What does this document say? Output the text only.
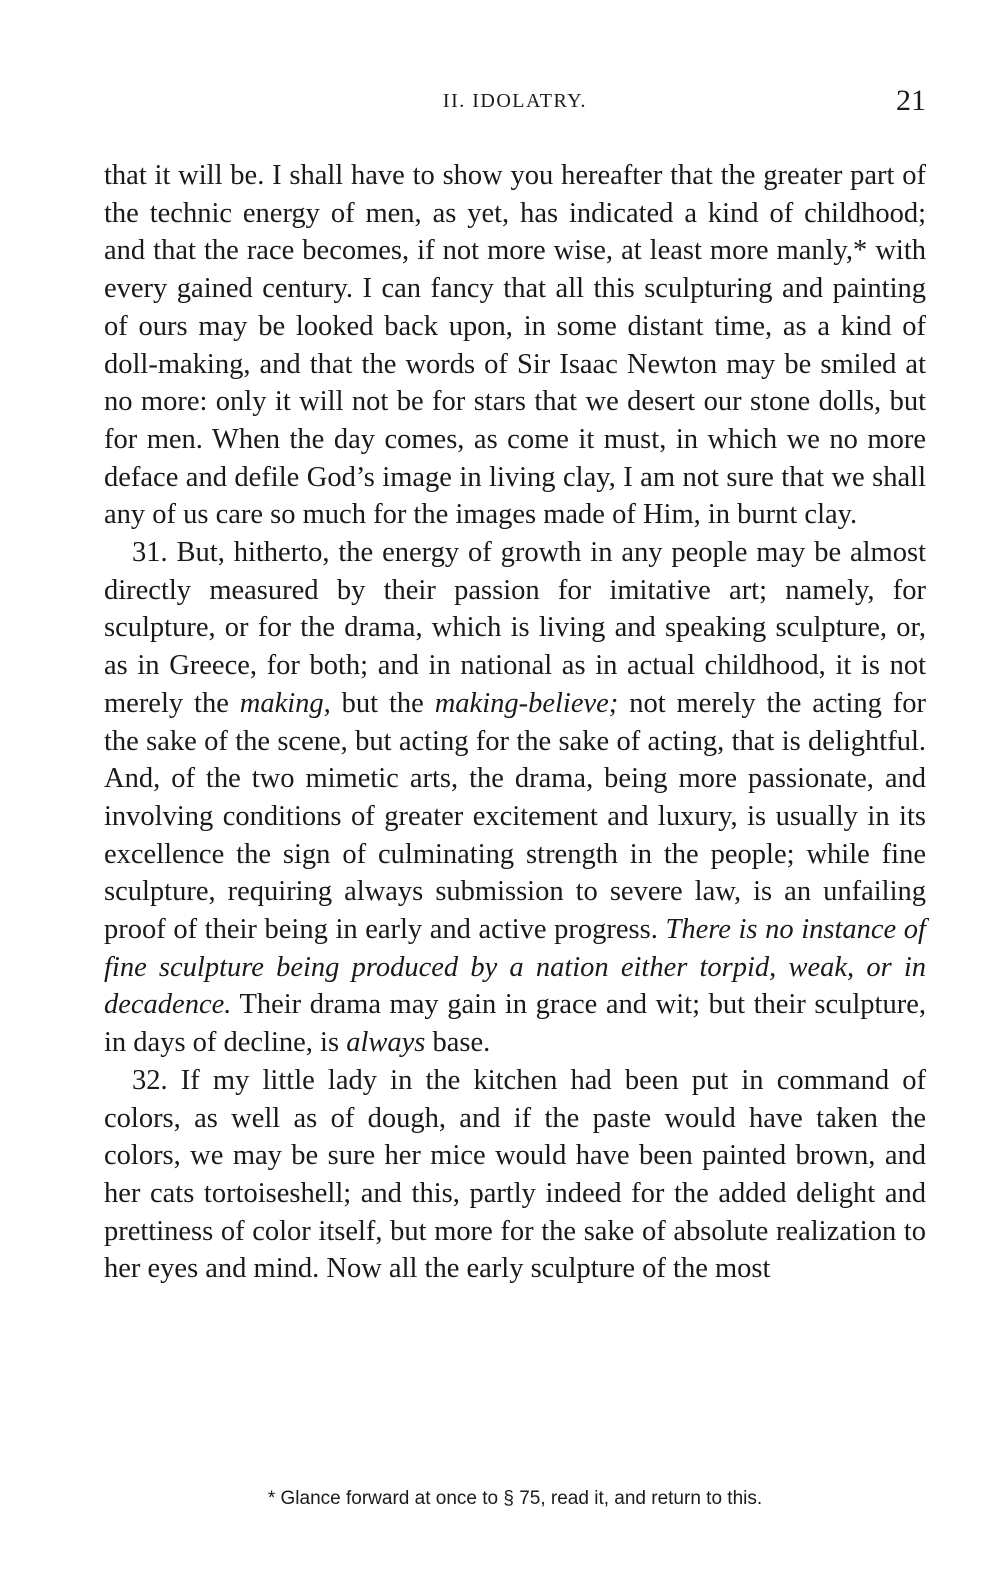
II. IDOLATRY.	21

that it will be. I shall have to show you hereafter that the greater part of the technic energy of men, as yet, has indicated a kind of childhood; and that the race becomes, if not more wise, at least more manly,* with every gained century. I can fancy that all this sculpturing and painting of ours may be looked back upon, in some distant time, as a kind of doll-making, and that the words of Sir Isaac Newton may be smiled at no more: only it will not be for stars that we desert our stone dolls, but for men. When the day comes, as come it must, in which we no more deface and defile God’s image in living clay, I am not sure that we shall any of us care so much for the images made of Him, in burnt clay.

31. But, hitherto, the energy of growth in any people may be almost directly measured by their passion for imitative art; namely, for sculpture, or for the drama, which is living and speaking sculpture, or, as in Greece, for both; and in national as in actual childhood, it is not merely the making, but the making-believe; not merely the acting for the sake of the scene, but acting for the sake of acting, that is delightful. And, of the two mimetic arts, the drama, being more passionate, and involving conditions of greater excitement and luxury, is usually in its excellence the sign of culminating strength in the people; while fine sculpture, requiring always submission to severe law, is an unfailing proof of their being in early and active progress. There is no instance of fine sculpture being produced by a nation either torpid, weak, or in decadence. Their drama may gain in grace and wit; but their sculpture, in days of decline, is always base.

32. If my little lady in the kitchen had been put in command of colors, as well as of dough, and if the paste would have taken the colors, we may be sure her mice would have been painted brown, and her cats tortoiseshell; and this, partly indeed for the added delight and prettiness of color itself, but more for the sake of absolute realization to her eyes and mind. Now all the early sculpture of the most

* Glance forward at once to § 75, read it, and return to this.
